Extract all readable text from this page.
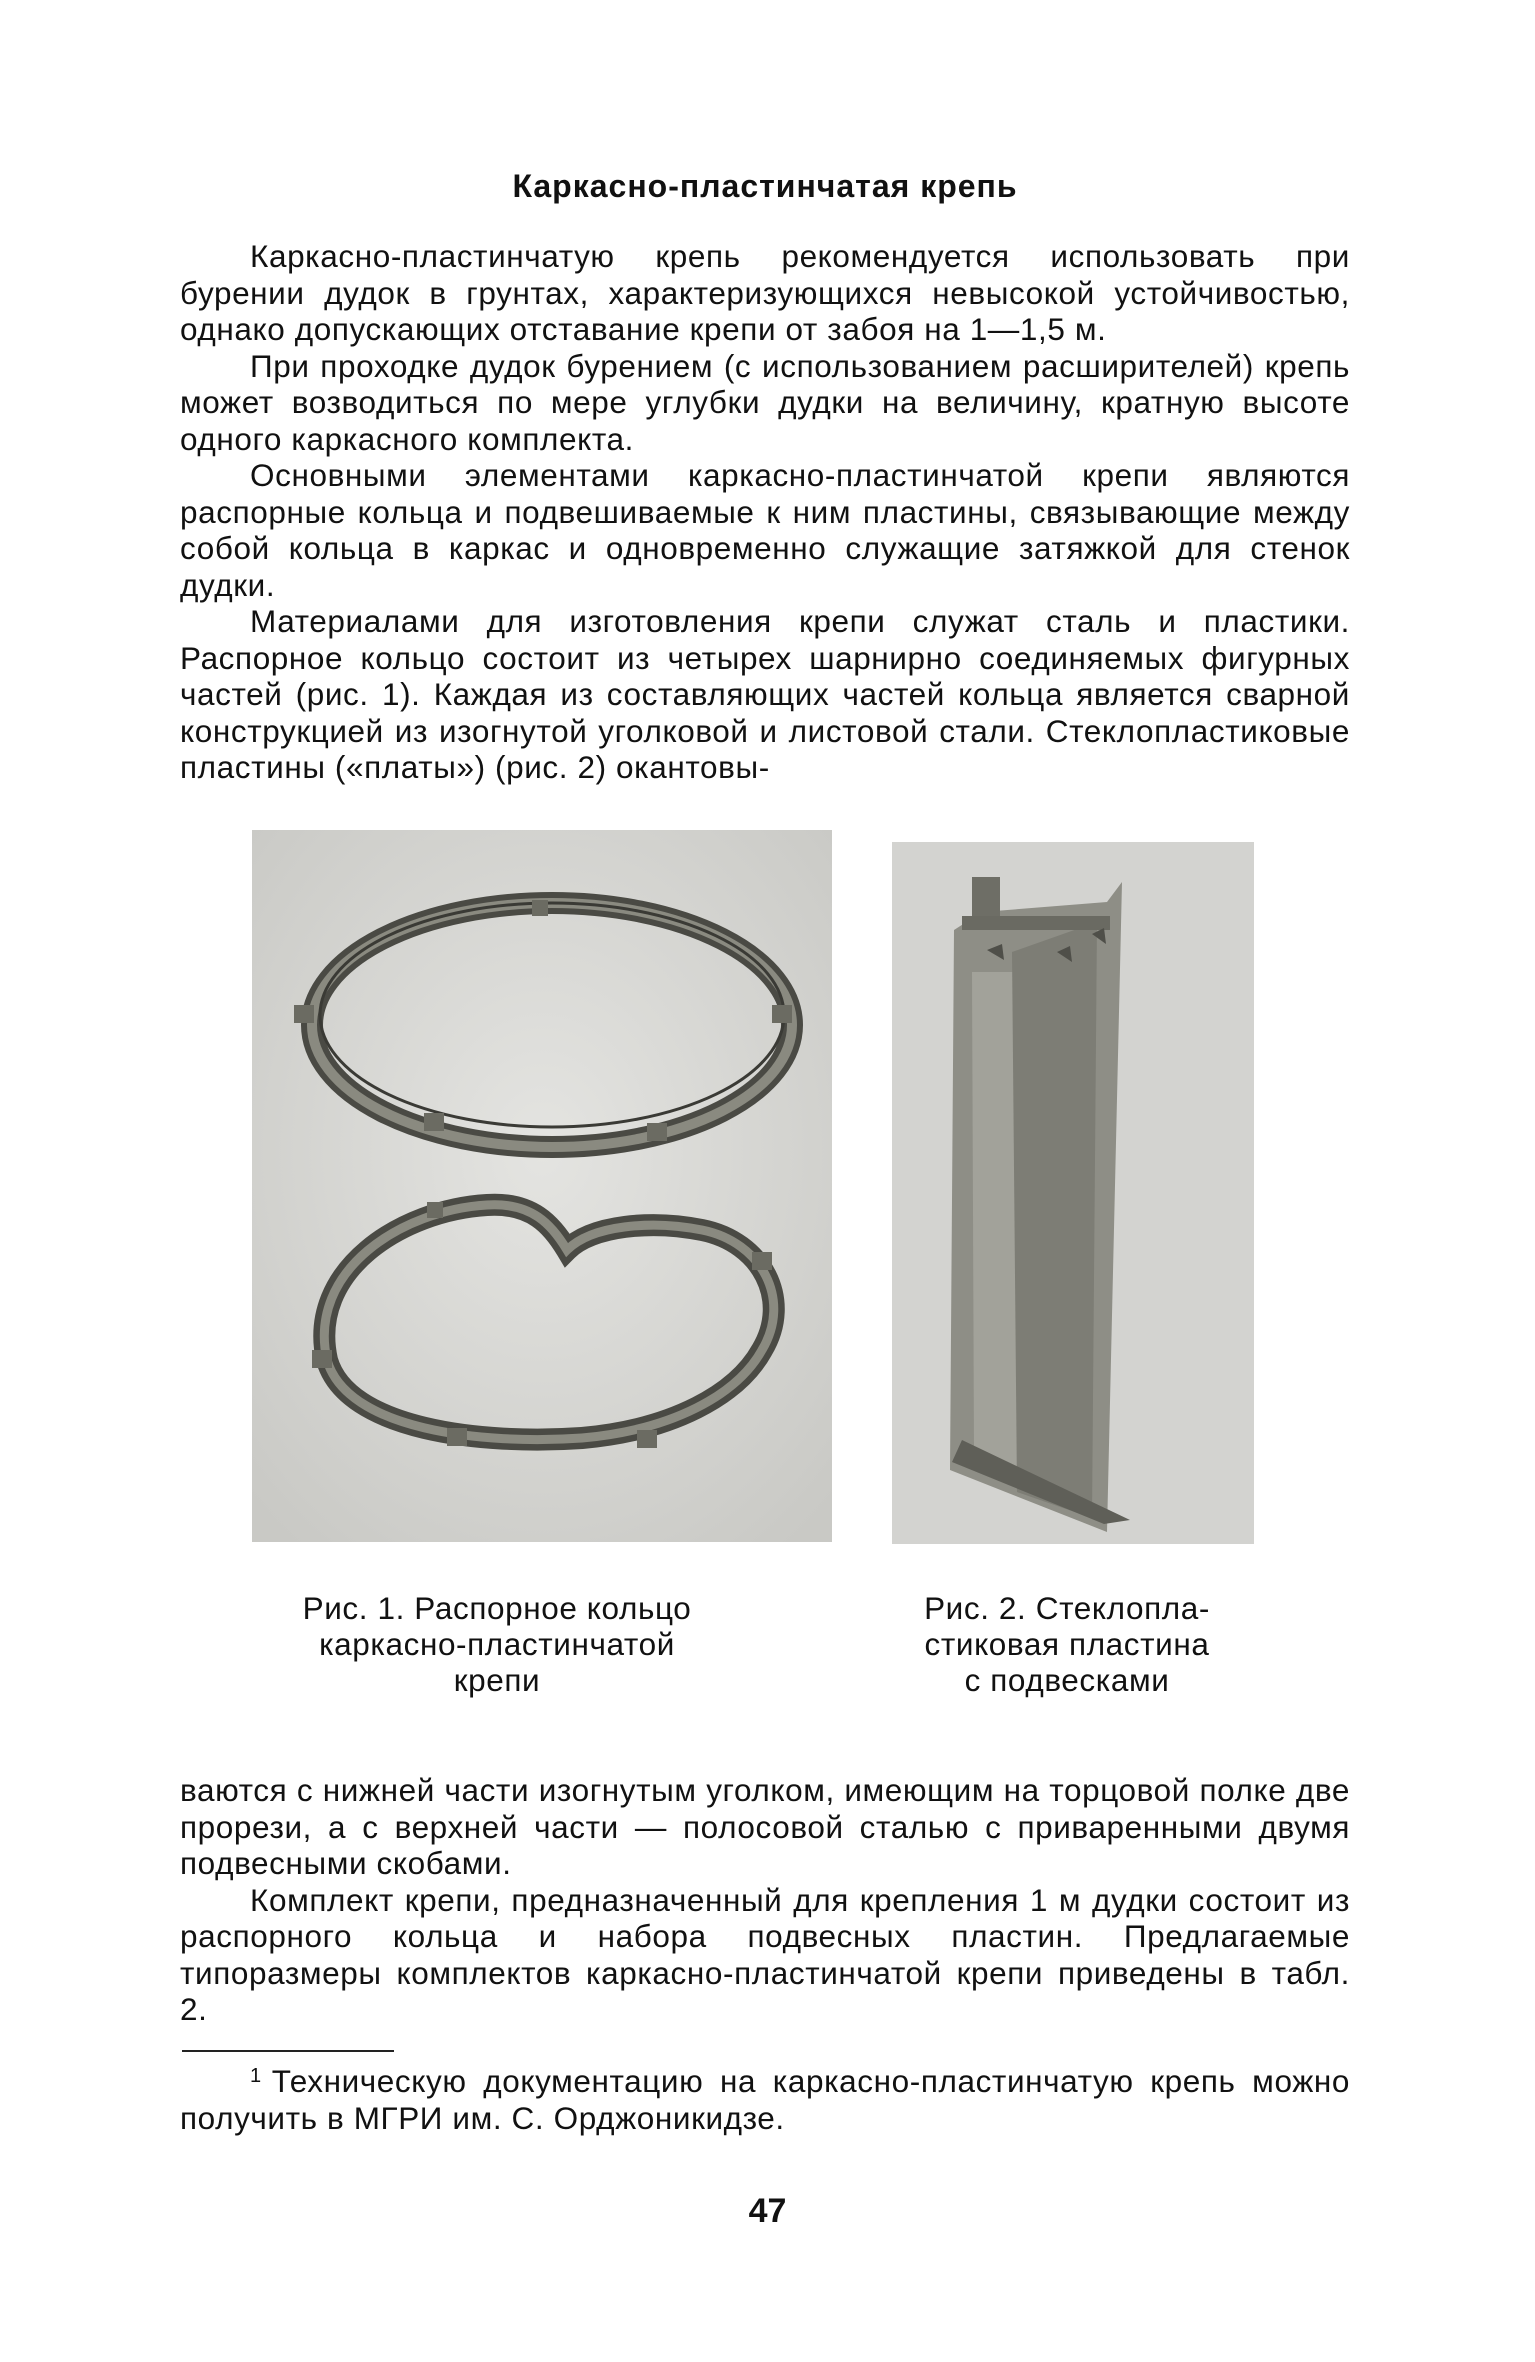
Каркасно-пластинчатая крепь

Каркасно-пластинчатую крепь рекомендуется использовать при бурении дудок в грунтах, характеризующихся невысокой устойчивостью, однако допускающих отставание крепи от забоя на 1—1,5 м.

При проходке дудок бурением (с использованием расширителей) крепь может возводиться по мере углубки дудки на величину, кратную высоте одного каркасного комплекта.

Основными элементами каркасно-пластинчатой крепи являются распорные кольца и подвешиваемые к ним пластины, связывающие между собой кольца в каркас и одновременно служащие затяжкой для стенок дудки.

Материалами для изготовления крепи служат сталь и пластики. Распорное кольцо состоит из четырех шарнирно соединяемых фигурных частей (рис. 1). Каждая из составляющих частей кольца является сварной конструкцией из изогнутой уголковой и листовой стали. Стеклопластиковые пластины («платы») (рис. 2) окантовы-

Рис. 1. Распорное кольцо
каркасно-пластинчатой
крепи
Рис. 2. Стеклопла-
стиковая пластина
с подвесками

ваются с нижней части изогнутым уголком, имеющим на торцовой полке две прорези, а с верхней части — полосовой сталью с приваренными двумя подвесными скобами.

Комплект крепи, предназначенный для крепления 1 м дудки состоит из распорного кольца и набора подвесных пластин. Предлагаемые типоразмеры комплектов каркасно-пластинчатой крепи приведены в табл. 2.

$^1$ Техническую документацию на каркасно-пластинчатую крепь можно получить в МГРИ им. С. Орджоникидзе.

47
